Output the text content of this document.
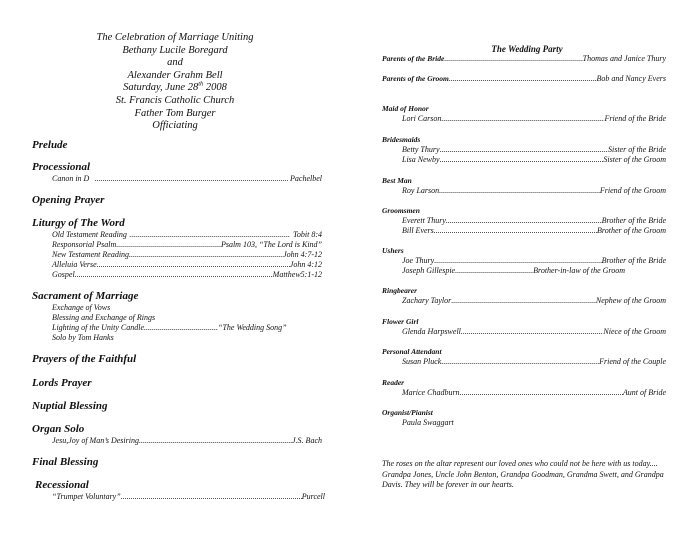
The Celebration of Marriage Uniting
Bethany Lucile Boregard
and
Alexander Grahm Bell
Saturday, June 28th 2008
St. Francis Catholic Church
Father Tom Burger
Officiating
Prelude
Processional
Canon in D .....	Pachelbel
Opening Prayer
Liturgy of The Word
Old Testament Reading .....	Tobit 8:4
Responsorial Psalm .....	Psalm 103, “The Lord is Kind”
New Testament Reading .....	John 4:7-12
Alleluia Verse .....	John 4:12
Gospel .....	Matthew5:1-12
Sacrament of Marriage
Exchange of Vows
Blessing and Exchange of Rings
Lighting of the Unity Candle .....	“The Wedding Song”
Solo by Tom Hanks
Prayers of the Faithful
Lords Prayer
Nuptial Blessing
Organ Solo
Jesu,Joy of Man’s Desiring .....	J.S. Bach
Final Blessing
Recessional
“Trumpet Voluntary” .....	Purcell
The Wedding Party
Parents of the Bride .....	Thomas and Janice Thury
Parents of the Groom .....	Bob and Nancy Evers
Maid of Honor
Lori Carson .....	Friend of the Bride
Bridesmaids
Betty Thury .....	Sister of the Bride
Lisa Newby .....	Sister of the Groom
Best Man
Roy Larson .....	Friend of the Groom
Groomsmen
Everett Thury .....	Brother of the Bride
Bill Evers .....	Brother of the Groom
Ushers
Joe Thury .....	Brother of the Bride
Joseph Gillespie .....	Brother-in-law of the Groom
Ringbearer
Zachary Taylor .....	Nephew of the Groom
Flower Girl
Glenda Harpswell .....	Niece of the Groom
Personal Attendant
Susan Pluck .....	Friend of the Couple
Reader
Marice Chadburn .....	Aunt of Bride
Organist/Pianist
Paula Swaggart
The roses on the altar represent our loved ones who could not be here with us today.... Grandpa Jones, Uncle John Benton, Grandpa Goodman, Grandma Swett, and Grandpa Davis. They will be forever in our hearts.
